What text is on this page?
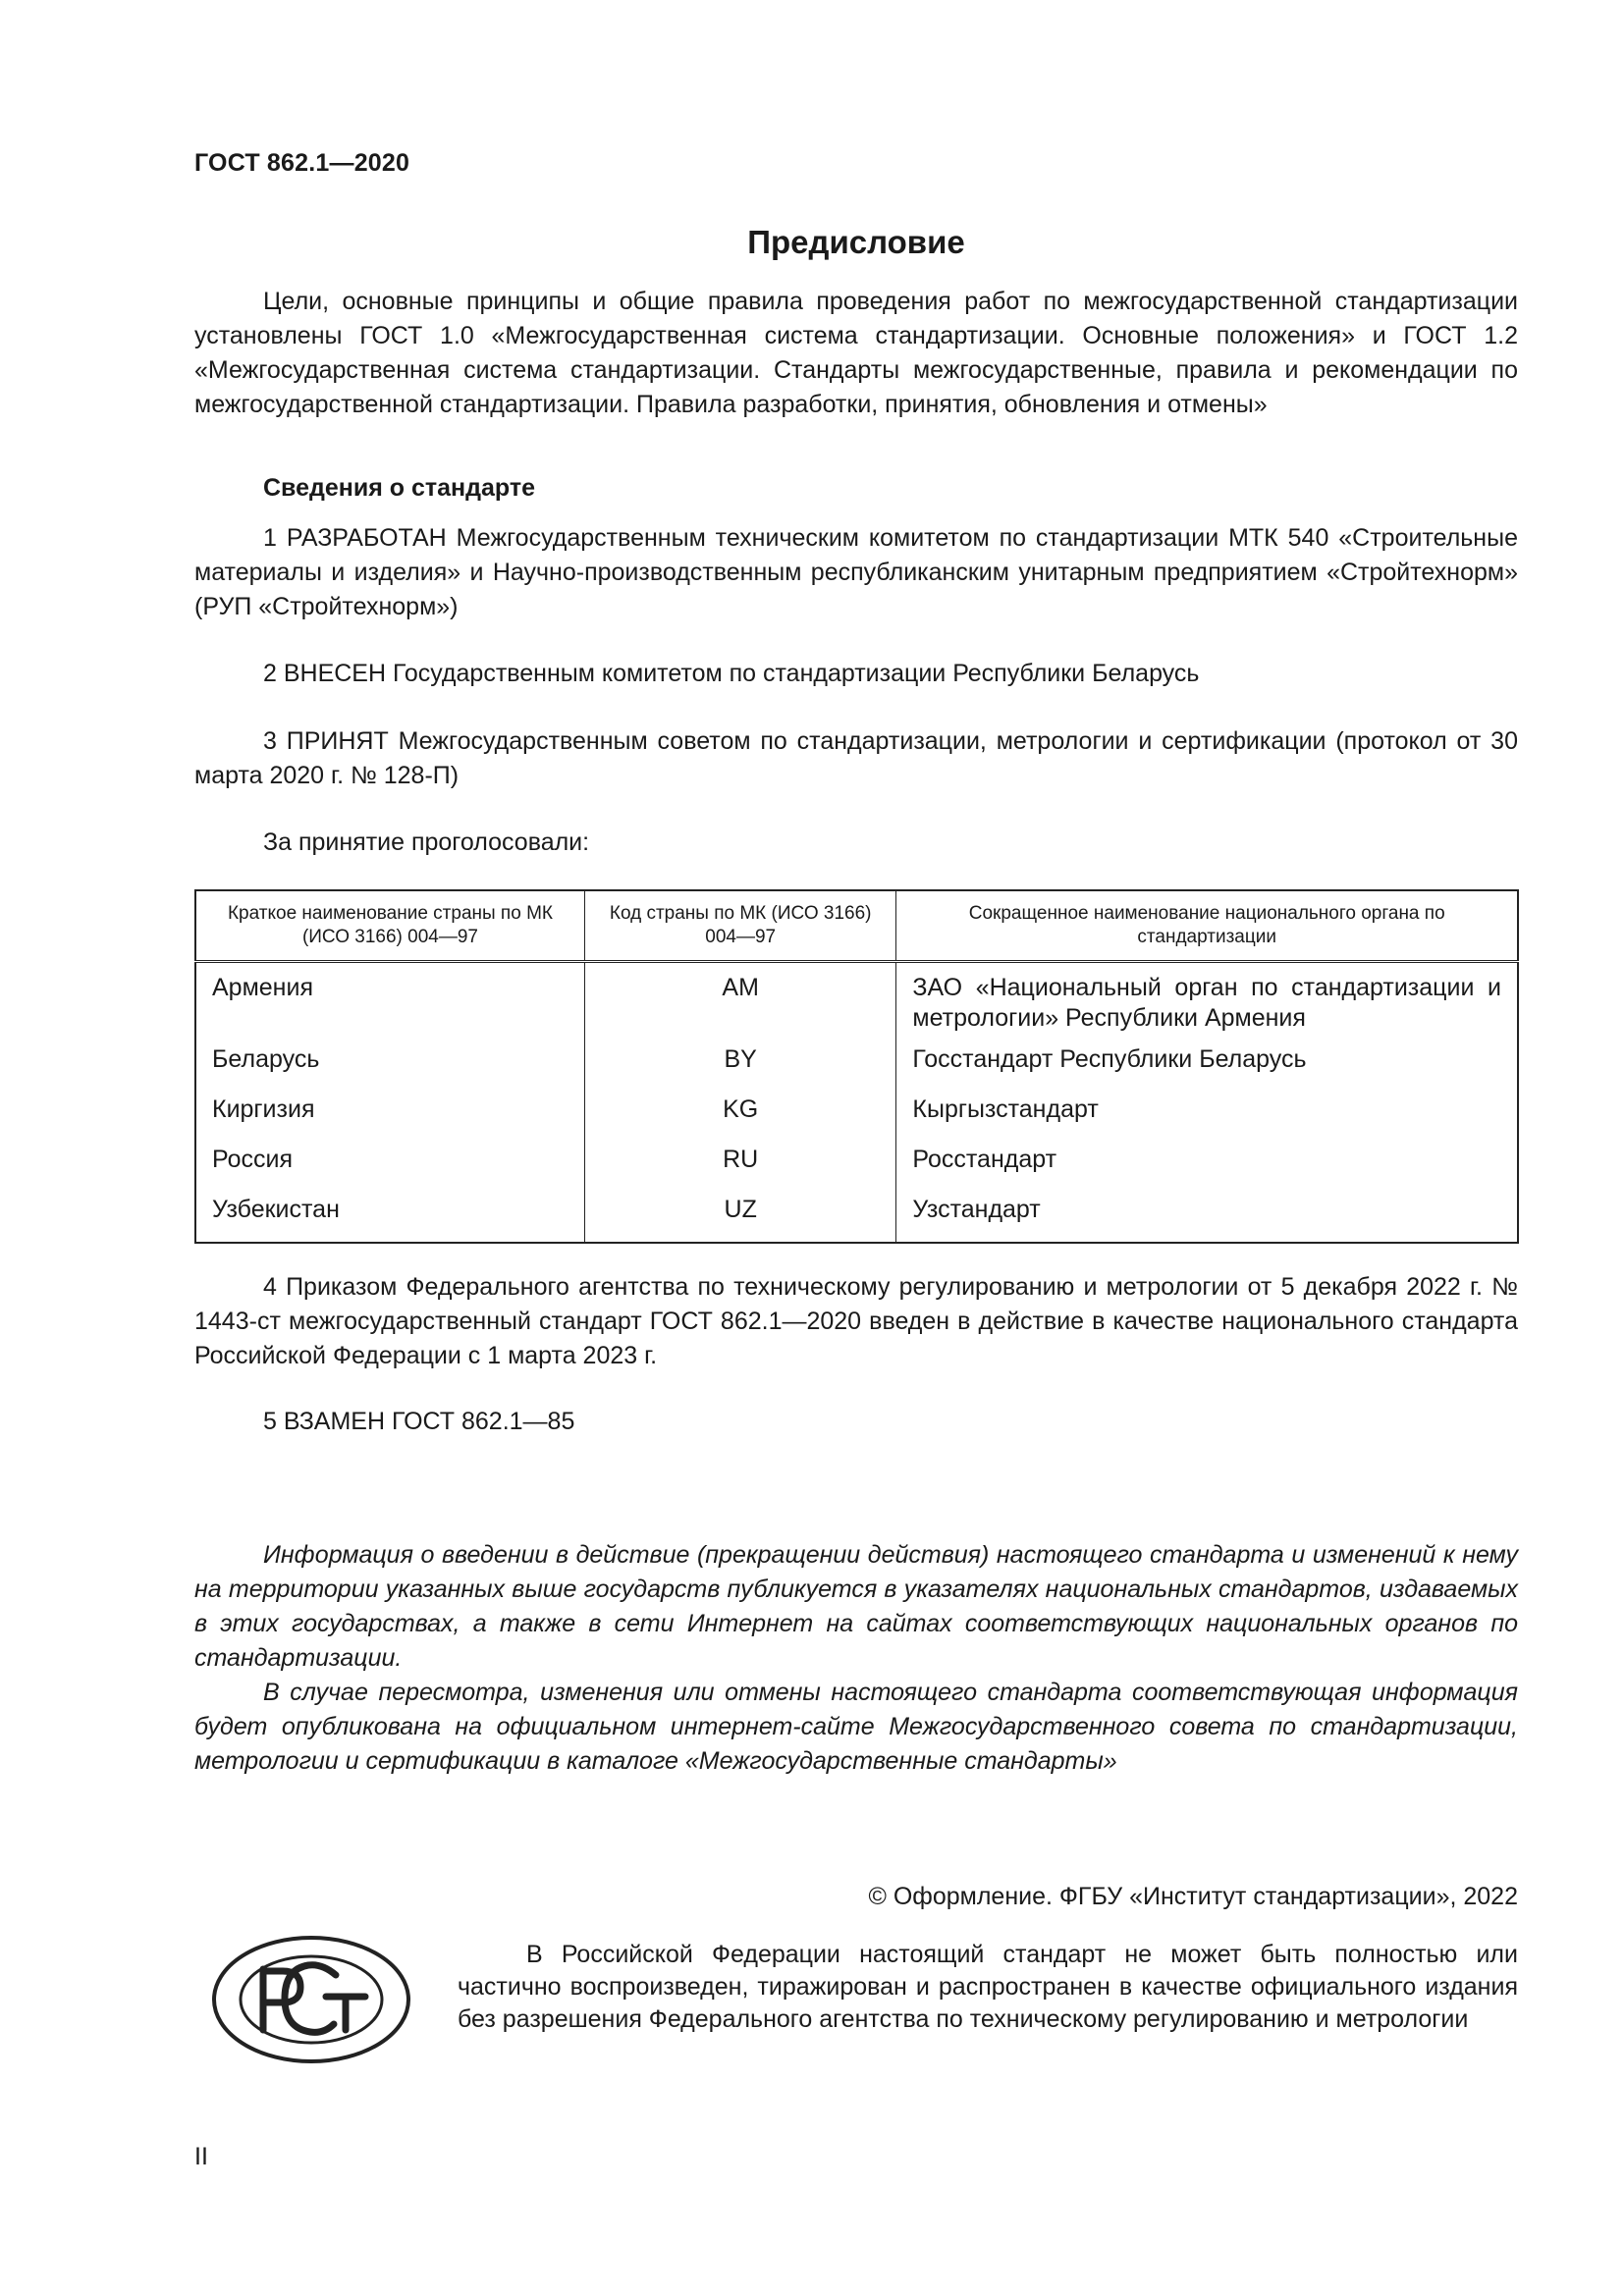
ГОСТ 862.1—2020
Предисловие

Цели, основные принципы и общие правила проведения работ по межгосударственной стандартизации установлены ГОСТ 1.0 «Межгосударственная система стандартизации. Основные положения» и ГОСТ 1.2 «Межгосударственная система стандартизации. Стандарты межгосударственные, правила и рекомендации по межгосударственной стандартизации. Правила разработки, принятия, обновления и отмены»

Сведения о стандарте

1 РАЗРАБОТАН Межгосударственным техническим комитетом по стандартизации МТК 540 «Строительные материалы и изделия» и Научно-производственным республиканским унитарным предприятием «Стройтехнорм» (РУП «Стройтехнорм»)

2 ВНЕСЕН Государственным комитетом по стандартизации Республики Беларусь

3 ПРИНЯТ Межгосударственным советом по стандартизации, метрологии и сертификации (протокол от 30 марта 2020 г. № 128-П)

За принятие проголосовали:
Краткое наименование страны по МК (ИСО 3166) 004—97	Код страны по МК (ИСО 3166) 004—97	Сокращенное наименование национального органа по стандартизации
Армения	AM	ЗАО «Национальный орган по стандартизации и метрологии» Республики Армения
Беларусь	BY	Госстандарт Республики Беларусь
Киргизия	KG	Кыргызстандарт
Россия	RU	Росстандарт
Узбекистан	UZ	Узстандарт

4 Приказом Федерального агентства по техническому регулированию и метрологии от 5 декабря 2022 г. № 1443-ст межгосударственный стандарт ГОСТ 862.1—2020 введен в действие в качестве национального стандарта Российской Федерации с 1 марта 2023 г.

5 ВЗАМЕН ГОСТ 862.1—85

Информация о введении в действие (прекращении действия) настоящего стандарта и изменений к нему на территории указанных выше государств публикуется в указателях национальных стандартов, издаваемых в этих государствах, а также в сети Интернет на сайтах соответствующих национальных органов по стандартизации.

В случае пересмотра, изменения или отмены настоящего стандарта соответствующая информация будет опубликована на официальном интернет-сайте Межгосударственного совета по стандартизации, метрологии и сертификации в каталоге «Межгосударственные стандарты»

© Оформление. ФГБУ «Институт стандартизации», 2022

В Российской Федерации настоящий стандарт не может быть полностью или частично воспроизведен, тиражирован и распространен в качестве официального издания без разрешения Федерального агентства по техническому регулированию и метрологии

II
